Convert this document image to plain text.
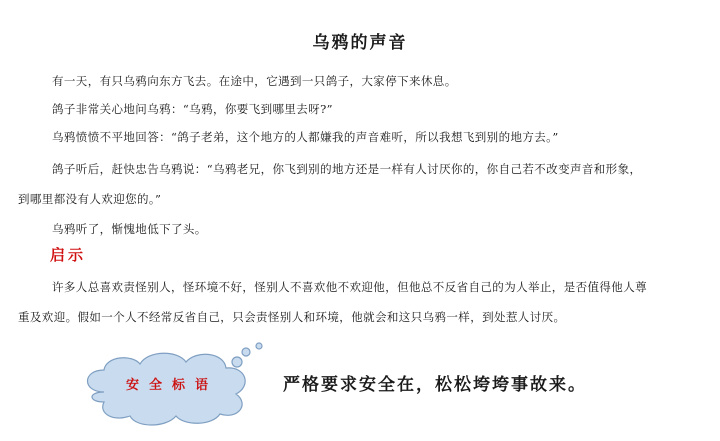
乌鸦的声音
有一天，有只乌鸦向东方飞去。在途中，它遇到一只鸽子，大家停下来休息。
鸽子非常关心地问乌鸦：“乌鸦，你要飞到哪里去呀?”
乌鸦愤愤不平地回答：“鸽子老弟，这个地方的人都嫌我的声音难听，所以我想飞到别的地方去。”
鸽子听后，赶快忠告乌鸦说：“乌鸦老兄，你飞到别的地方还是一样有人讨厌你的，你自己若不改变声音和形象，
到哪里都没有人欢迎您的。”
乌鸦听了，惭愧地低下了头。
启示
许多人总喜欢责怪别人，怪环境不好，怪别人不喜欢他不欢迎他，但他总不反省自己的为人举止，是否值得他人尊
重及欢迎。假如一个人不经常反省自己，只会责怪别人和环境，他就会和这只乌鸦一样，到处惹人讨厌。
安全标语	严格要求安全在，松松垮垮事故来。
